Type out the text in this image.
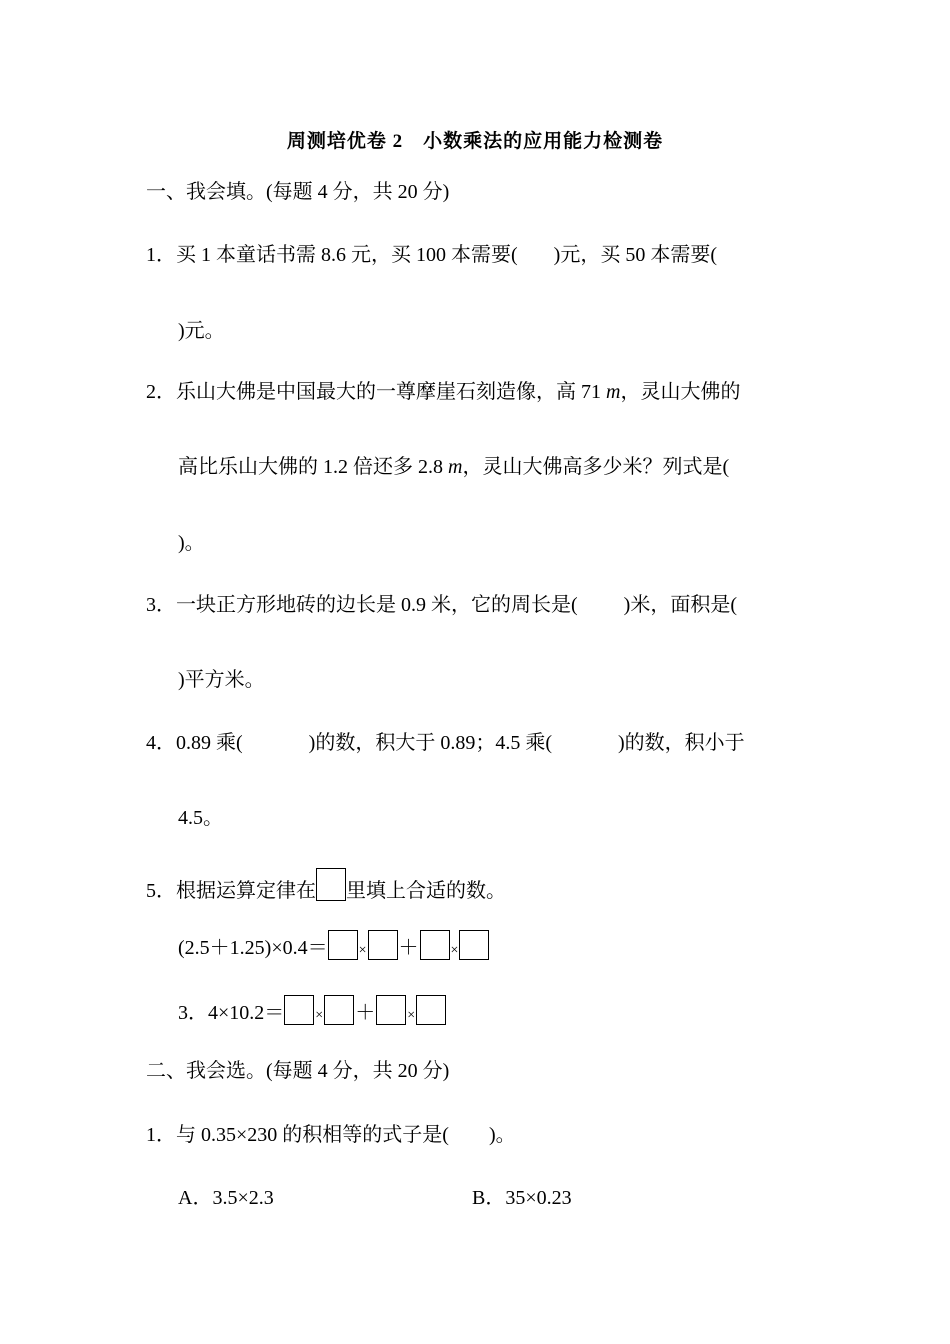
周测培优卷 2　小数乘法的应用能力检测卷
一、我会填。(每题 4 分，共 20 分)
1．买 1 本童话书需 8.6 元，买 100 本需要( )元，买 50 本需要(
)元。
2．乐山大佛是中国最大的一尊摩崖石刻造像，高 71 m，灵山大佛的
高比乐山大佛的 1.2 倍还多 2.8 m，灵山大佛高多少米？列式是(
)。
3．一块正方形地砖的边长是 0.9 米，它的周长是( )米，面积是(
)平方米。
4．0.89 乘(	)的数，积大于 0.89；4.5 乘(	)的数，积小于
4.5。
5．根据运算定律在 里填上合适的数。
(2.5＋1.25)×0.4＝ × ＋ ×
3．4×10.2＝ × ＋ ×
二、我会选。(每题 4 分，共 20 分)
1．与 0.35×230 的积相等的式子是(　　)。
A．3.5×2.3	B．35×0.23
